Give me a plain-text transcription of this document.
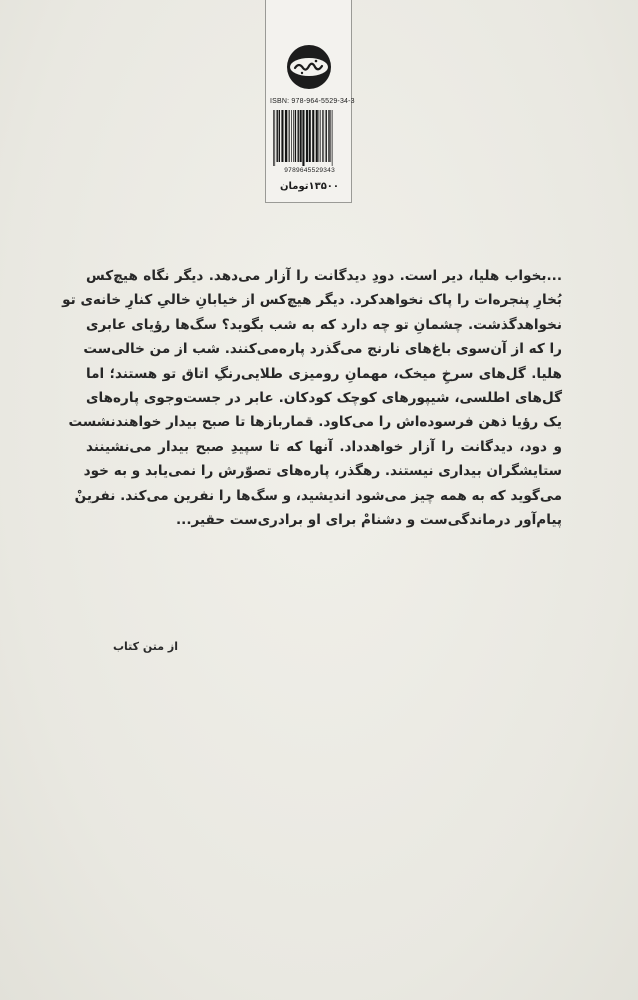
ISBN: 978-964-5529-34-3
9789645529343
۱۳۵۰۰تومان

...بخواب هلیا، دیر است. دودِ دیدگانت را آزار می‌دهد. دیگر نگاه هیچ‌کس
بُخارِ پنجره‌ات را پاک نخواهدکرد. دیگر هیچ‌کس از خیابانِ خالیِ کنارِ خانه‌ی تو
نخواهدگذشت. چشمانِ تو چه دارد که به شب بگوید؟ سگ‌ها رؤیای عابری
را که از آن‌سوی باغ‌های نارنج می‌گذرد پاره‌می‌کنند. شب از من خالی‌ست
هلیا. گل‌های سرخِ میخک، مهمانِ رومیزی طلایی‌رنگِ اتاق تو هستند؛ اما
گل‌های اطلسی، شیپورهای کوچک کودکان. عابر در جست‌وجوی پاره‌های
یک رؤیا ذهن فرسوده‌اش را می‌کاود. قماربازها تا صبح بیدار خواهندنشست
و دود، دیدگانت را آزار خواهدداد. آنها که تا سپیدِ صبح بیدار می‌نشینند
ستایشگران بیداری نیستند. رهگذر، پاره‌های تصوّرش را نمی‌یابد و به خود
می‌گوید که به همه چیز می‌شود اندیشید، و سگ‌ها را نفرین می‌کند. نفرینْ
پیام‌آور درماندگی‌ست و دشنامْ برای او برادری‌ست حقیر...

از متن کتاب
